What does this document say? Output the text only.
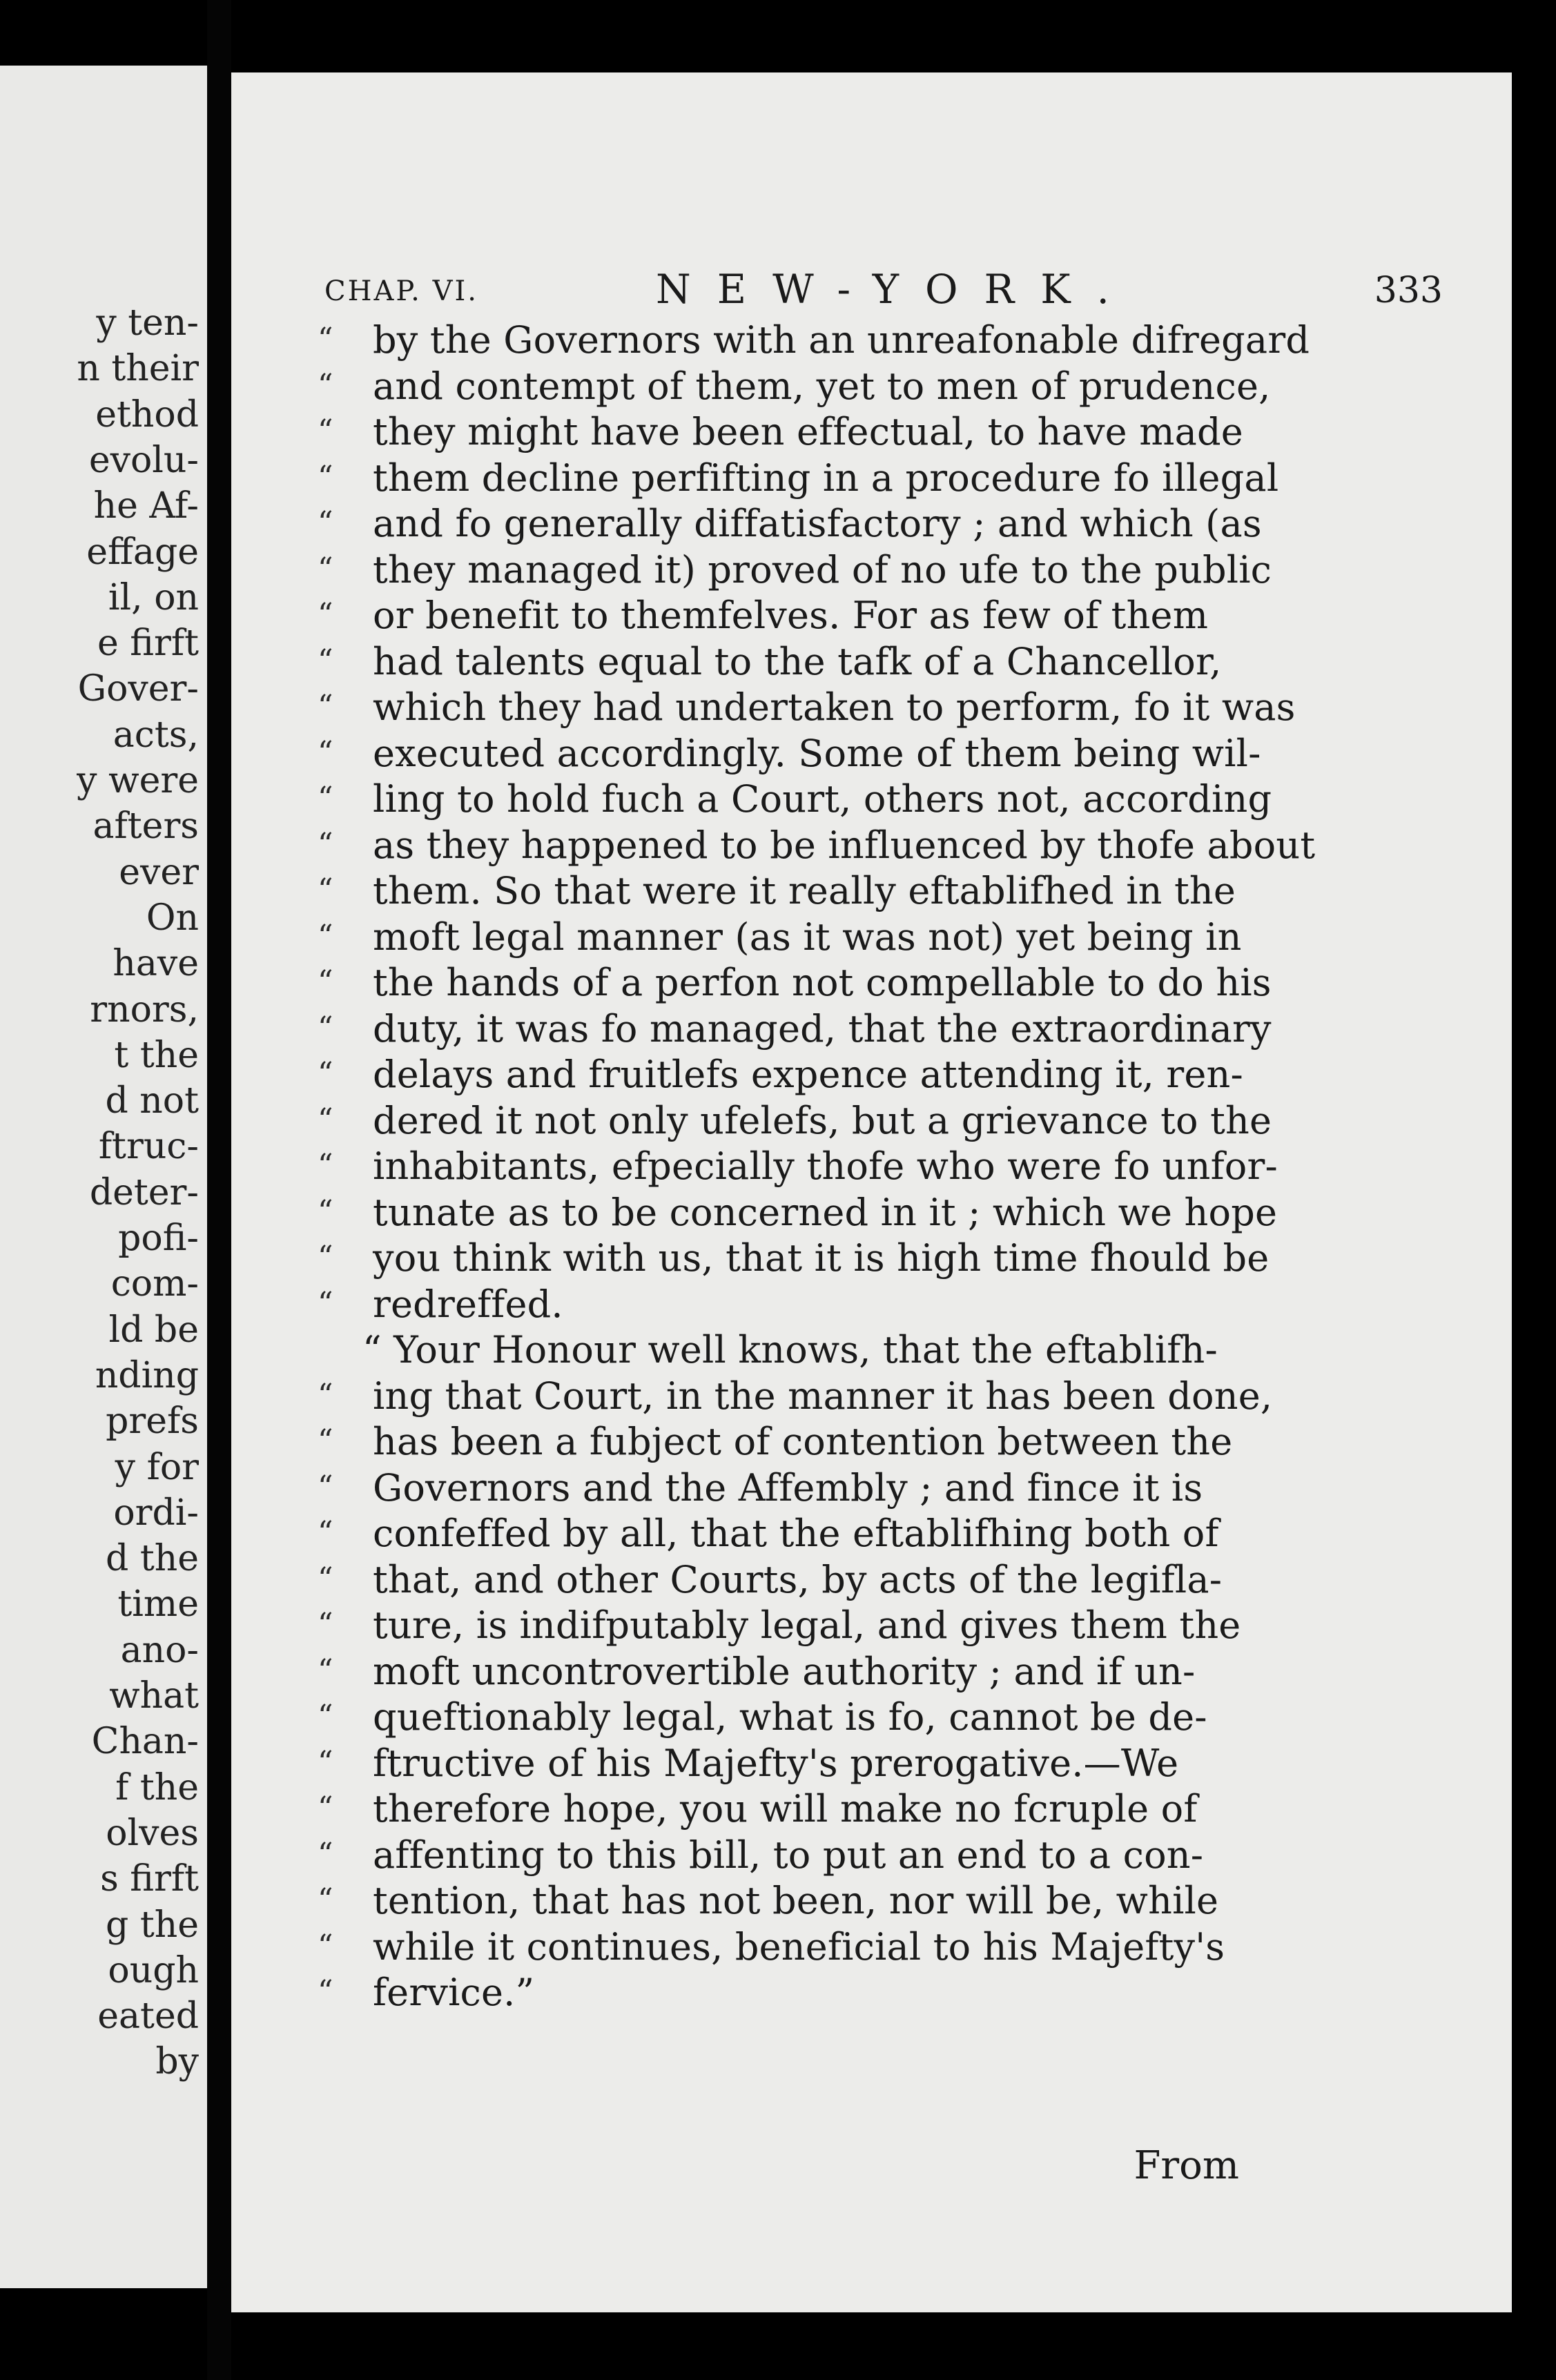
y ten-
n their
ethod
evolu-
he Af-
effage
il, on
e firft
Gover-
acts,
y were
afters
ever
On
have
rnors,
t the
d not
ftruc-
deter-
pofi-
com-
ld be
nding
prefs
y for
ordi-
d the
time
ano-
what
Chan-
f the
olves
s firft
g the
ough
eated
by
CHAP. VI.	NEW-YORK.	333
“ by the Governors with an unreafonable difregard
“ and contempt of them, yet to men of prudence,
“ they might have been effectual, to have made
“ them decline perfifting in a procedure fo illegal
“ and fo generally diffatisfactory ; and which (as
“ they managed it) proved of no ufe to the public
“ or benefit to themfelves. For as few of them
“ had talents equal to the tafk of a Chancellor,
“ which they had undertaken to perform, fo it was
“ executed accordingly. Some of them being wil-
“ ling to hold fuch a Court, others not, according
“ as they happened to be influenced by thofe about
“ them. So that were it really eftablifhed in the
“ moft legal manner (as it was not) yet being in
“ the hands of a perfon not compellable to do his
“ duty, it was fo managed, that the extraordinary
“ delays and fruitlefs expence attending it, ren-
“ dered it not only ufelefs, but a grievance to the
“ inhabitants, efpecially thofe who were fo unfor-
“ tunate as to be concerned in it ; which we hope
“ you think with us, that it is high time fhould be
“ redreffed.
“ Your Honour well knows, that the eftablifh-
“ ing that Court, in the manner it has been done,
“ has been a fubject of contention between the
“ Governors and the Affembly ; and fince it is
“ confeffed by all, that the eftablifhing both of
“ that, and other Courts, by acts of the legifla-
“ ture, is indifputably legal, and gives them the
“ moft uncontrovertible authority ; and if un-
“ queftionably legal, what is fo, cannot be de-
“ ftructive of his Majefty's prerogative.—We
“ therefore hope, you will make no fcruple of
“ affenting to this bill, to put an end to a con-
“ tention, that has not been, nor will be, while
“ while it continues, beneficial to his Majefty's
“ fervice.”
From
